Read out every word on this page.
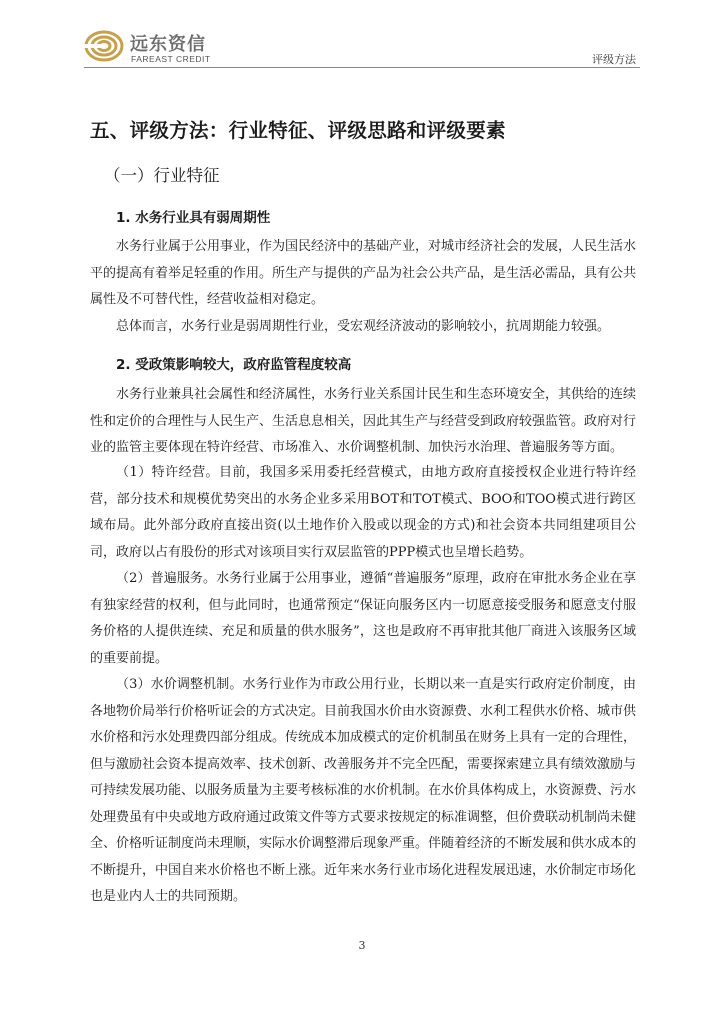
远东资信
FAREAST CREDIT	评级方法
五、评级方法：行业特征、评级思路和评级要素
（一）行业特征
1. 水务行业具有弱周期性

水务行业属于公用事业，作为国民经济中的基础产业，对城市经济社会的发展，人民生活水平的提高有着举足轻重的作用。所生产与提供的产品为社会公共产品，是生活必需品，具有公共属性及不可替代性，经营收益相对稳定。

总体而言，水务行业是弱周期性行业，受宏观经济波动的影响较小，抗周期能力较强。

2. 受政策影响较大，政府监管程度较高

水务行业兼具社会属性和经济属性，水务行业关系国计民生和生态环境安全，其供给的连续性和定价的合理性与人民生产、生活息息相关，因此其生产与经营受到政府较强监管。政府对行业的监管主要体现在特许经营、市场准入、水价调整机制、加快污水治理、普遍服务等方面。

（1）特许经营。目前，我国多采用委托经营模式，由地方政府直接授权企业进行特许经营，部分技术和规模优势突出的水务企业多采用BOT和TOT模式、BOO和TOO模式进行跨区域布局。此外部分政府直接出资(以土地作价入股或以现金的方式)和社会资本共同组建项目公司，政府以占有股份的形式对该项目实行双层监管的PPP模式也呈增长趋势。

（2）普遍服务。水务行业属于公用事业，遵循“普遍服务”原理，政府在审批水务企业在享有独家经营的权利，但与此同时，也通常预定“保证向服务区内一切愿意接受服务和愿意支付服务价格的人提供连续、充足和质量的供水服务”，这也是政府不再审批其他厂商进入该服务区域的重要前提。

（3）水价调整机制。水务行业作为市政公用行业，长期以来一直是实行政府定价制度，由各地物价局举行价格听证会的方式决定。目前我国水价由水资源费、水利工程供水价格、城市供水价格和污水处理费四部分组成。传统成本加成模式的定价机制虽在财务上具有一定的合理性，但与激励社会资本提高效率、技术创新、改善服务并不完全匹配，需要探索建立具有绩效激励与可持续发展功能、以服务质量为主要考核标准的水价机制。在水价具体构成上，水资源费、污水处理费虽有中央或地方政府通过政策文件等方式要求按规定的标准调整，但价费联动机制尚未健全、价格听证制度尚未理顺，实际水价调整滞后现象严重。伴随着经济的不断发展和供水成本的不断提升，中国自来水价格也不断上涨。近年来水务行业市场化进程发展迅速，水价制定市场化也是业内人士的共同预期。

3
